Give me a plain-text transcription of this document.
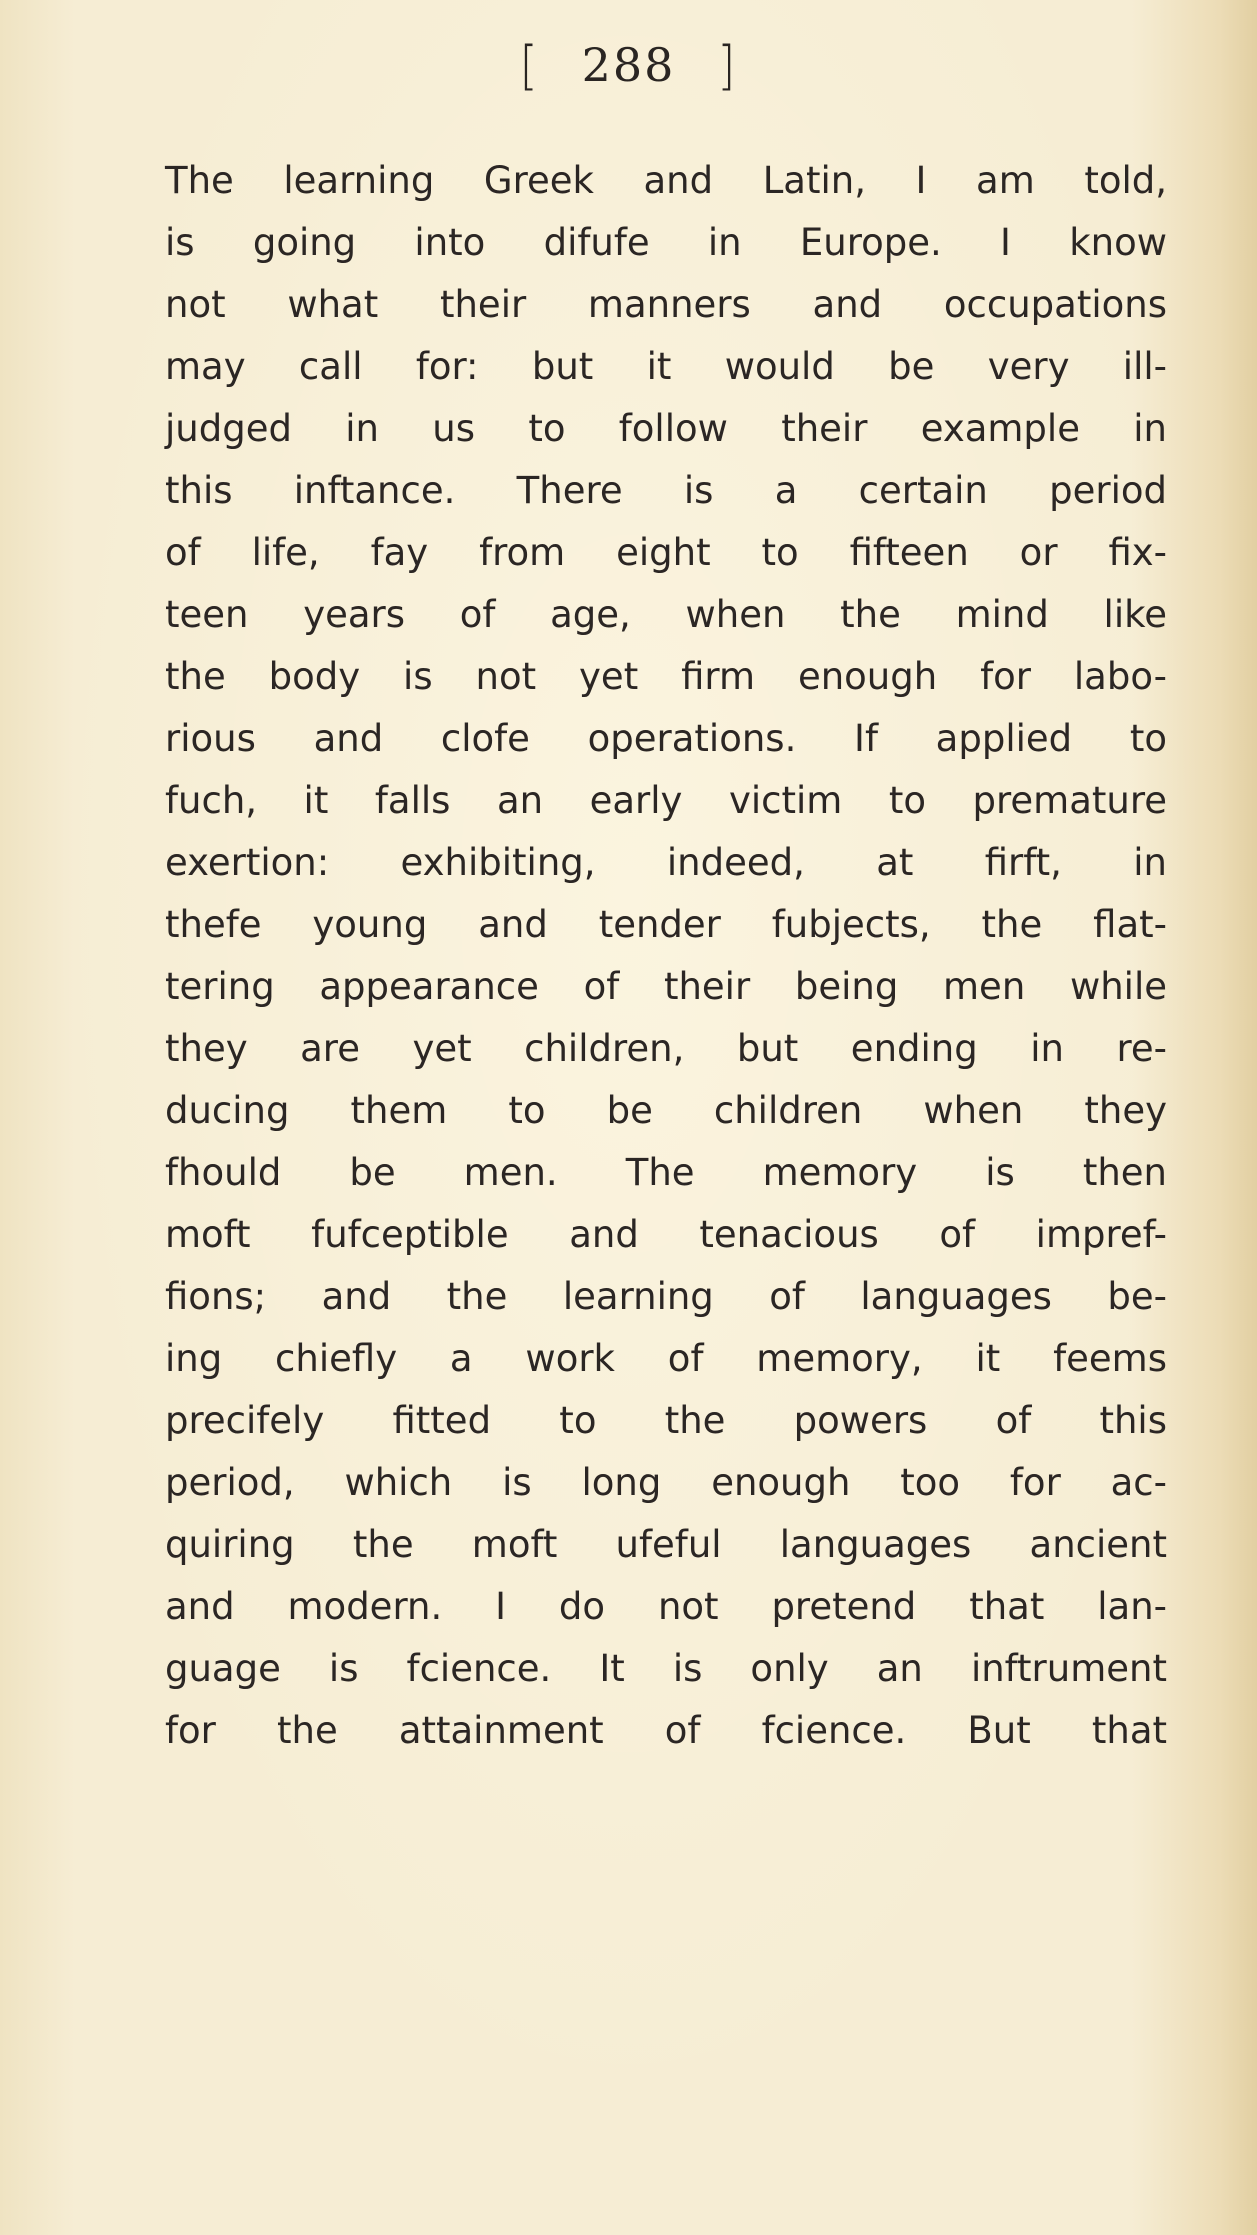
[ 288 ]
The learning Greek and Latin, I am told,
is going into difufe in Europe. I know
not what their manners and occupations
may call for: but it would be very ill-
judged in us to follow their example in
this inftance. There is a certain period
of life, fay from eight to fifteen or fix-
teen years of age, when the mind like
the body is not yet firm enough for labo-
rious and clofe operations. If applied to
fuch, it falls an early victim to premature
exertion: exhibiting, indeed, at firft, in
thefe young and tender fubjects, the flat-
tering appearance of their being men while
they are yet children, but ending in re-
ducing them to be children when they
fhould be men. The memory is then
moft fufceptible and tenacious of impref-
fions; and the learning of languages be-
ing chiefly a work of memory, it feems
precifely fitted to the powers of this
period, which is long enough too for ac-
quiring the moft ufeful languages ancient
and modern. I do not pretend that lan-
guage is fcience. It is only an inftrument
for the attainment of fcience. But that
